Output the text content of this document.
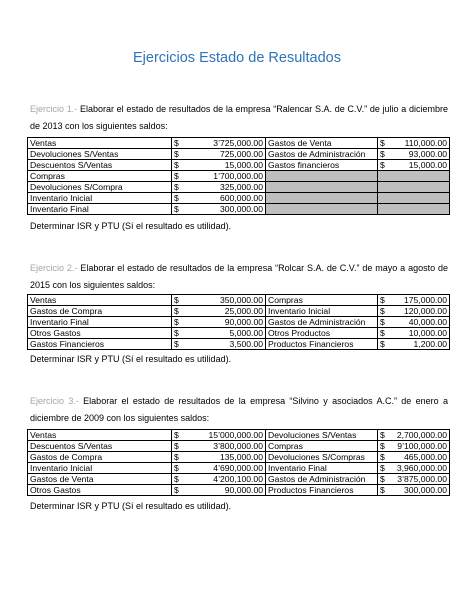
Ejercicios Estado de Resultados
Ejercicio 1.- Elaborar el estado de resultados de la empresa “Ralencar S.A. de C.V.” de julio a diciembre de 2013 con los siguientes saldos:
Ventas	$ 3’725,000.00	Gastos de Venta	$ 110,000.00

Devoluciones S/Ventas	$ 725,000.00	Gastos de Administración	$ 93,000.00

Descuentos S/Ventas	$ 15,000.00	Gastos financieros	$ 15,000.00

Compras	$ 1’700,000.00		

Devoluciones S/Compra	$ 325,000.00		

Inventario Inicial	$ 600,000.00		

Inventario Final	$ 300,000.00		

Determinar ISR y PTU (Sí el resultado es utilidad).
Ejercicio 2.- Elaborar el estado de resultados de la empresa “Rolcar S.A. de C.V.” de mayo a agosto de 2015 con los siguientes saldos:
Ventas	$ 350,000.00	Compras	$ 175,000.00

Gastos de Compra	$ 25,000.00	Inventario Inicial	$ 120,000.00

Inventario Final	$ 90,000.00	Gastos de Administración	$ 40,000.00

Otros Gastos	$ 5,000.00	Otros Productos	$ 10,000.00

Gastos Financieros	$ 3,500.00	Productos Financieros	$ 1,200.00
Determinar ISR y PTU (Sí el resultado es utilidad).
Ejercicio 3.- Elaborar el estado de resultados de la empresa “Silvino y asociados A.C.” de enero a diciembre de 2009 con los siguientes saldos:
Ventas	$ 15’000,000.00	Devoluciones S/Ventas	$ 2,700,000.00

Descuentos S/Ventas	$ 3’800,000.00	Compras	$ 9’100,000.00

Gastos de Compra	$ 135,000.00	Devoluciones S/Compras	$ 465,000.00

Inventario Inicial	$ 4’690,000.00	Inventario Final	$ 3,960,000.00

Gastos de Venta	$ 4’200,100.00	Gastos de Administración	$ 3’875,000.00

Otros Gastos	$ 90,000.00	Productos Financieros	$ 300,000.00
Determinar ISR y PTU (Sí el resultado es utilidad).
